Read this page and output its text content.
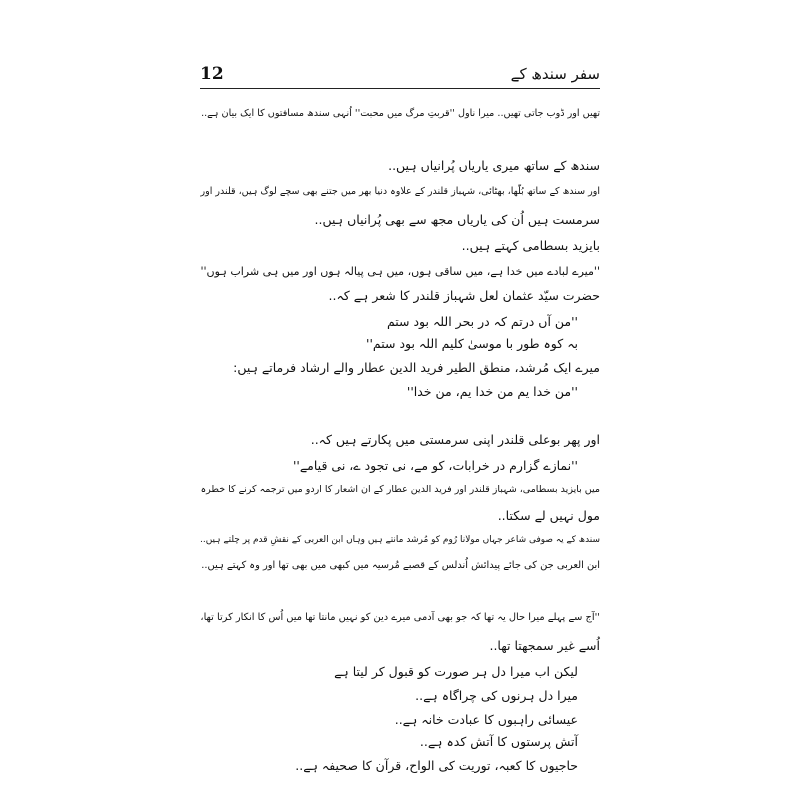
12	سفر سندھ کے
تھیں اور ڈوب جاتی تھیں.. میرا ناول ''قربتِ مرگ میں محبت'' اُنہی سندھ مسافتوں کا ایک بیان ہے..
سندھ کے ساتھ میری یاریاں پُرانیاں ہیں..
اور سندھ کے ساتھ بُلّھا، بھٹائی، شہباز قلندر کے علاوہ دنیا بھر میں جتنے بھی سچے لوگ ہیں، قلندر اور
سرمست ہیں اُن کی یاریاں مجھ سے بھی پُرانیاں ہیں..
بایزید بسطامی کہتے ہیں..
''میرے لبادے میں خدا ہے، میں ساقی ہوں، میں ہی پیالہ ہوں اور میں ہی شراب ہوں''
حضرت سیّد عثمان لعل شہباز قلندر کا شعر ہے کہ..
''من آں درتم کہ در بحر اللہ بود ستم
بہ کوہ طور با موسیٰ کلیم اللہ بود ستم''
میرے ایک مُرشد، منطق الطیر فرید الدین عطار والے ارشاد فرماتے ہیں:
''من خدا یم من خدا یم، من خدا''
اور پھر بوعلی قلندر اپنی سرمستی میں پکارتے ہیں کہ..
''نمازے گزارم در خرابات، کو مے، نی تجود ے، نی قیامے''
میں بایزید بسطامی، شہباز قلندر اور فرید الدین عطار کے ان اشعار کا اردو میں ترجمہ کرنے کا خطرہ
مول نہیں لے سکتا..
سندھ کے یہ صوفی شاعر جہاں مولانا رُوم کو مُرشد مانتے ہیں وہاں ابن العربی کے نقشِ قدم پر چلتے ہیں..
ابن العربی جن کی جائے پیدائش اُندلس کے قصبے مُرسیہ میں کبھی میں بھی تھا اور وہ کہتے ہیں..
''آج سے پہلے میرا حال یہ تھا کہ جو بھی آدمی میرے دین کو نہیں مانتا تھا میں اُس کا انکار کرتا تھا،
اُسے غیر سمجھتا تھا..
لیکن اب میرا دل ہر صورت کو قبول کر لیتا ہے
میرا دل ہرنوں کی چراگاہ ہے..
عیسائی راہبوں کا عبادت خانہ ہے..
آتش پرستوں کا آتش کدہ ہے..
حاجیوں کا کعبہ، توریت کی الواح، قرآن کا صحیفہ ہے..
